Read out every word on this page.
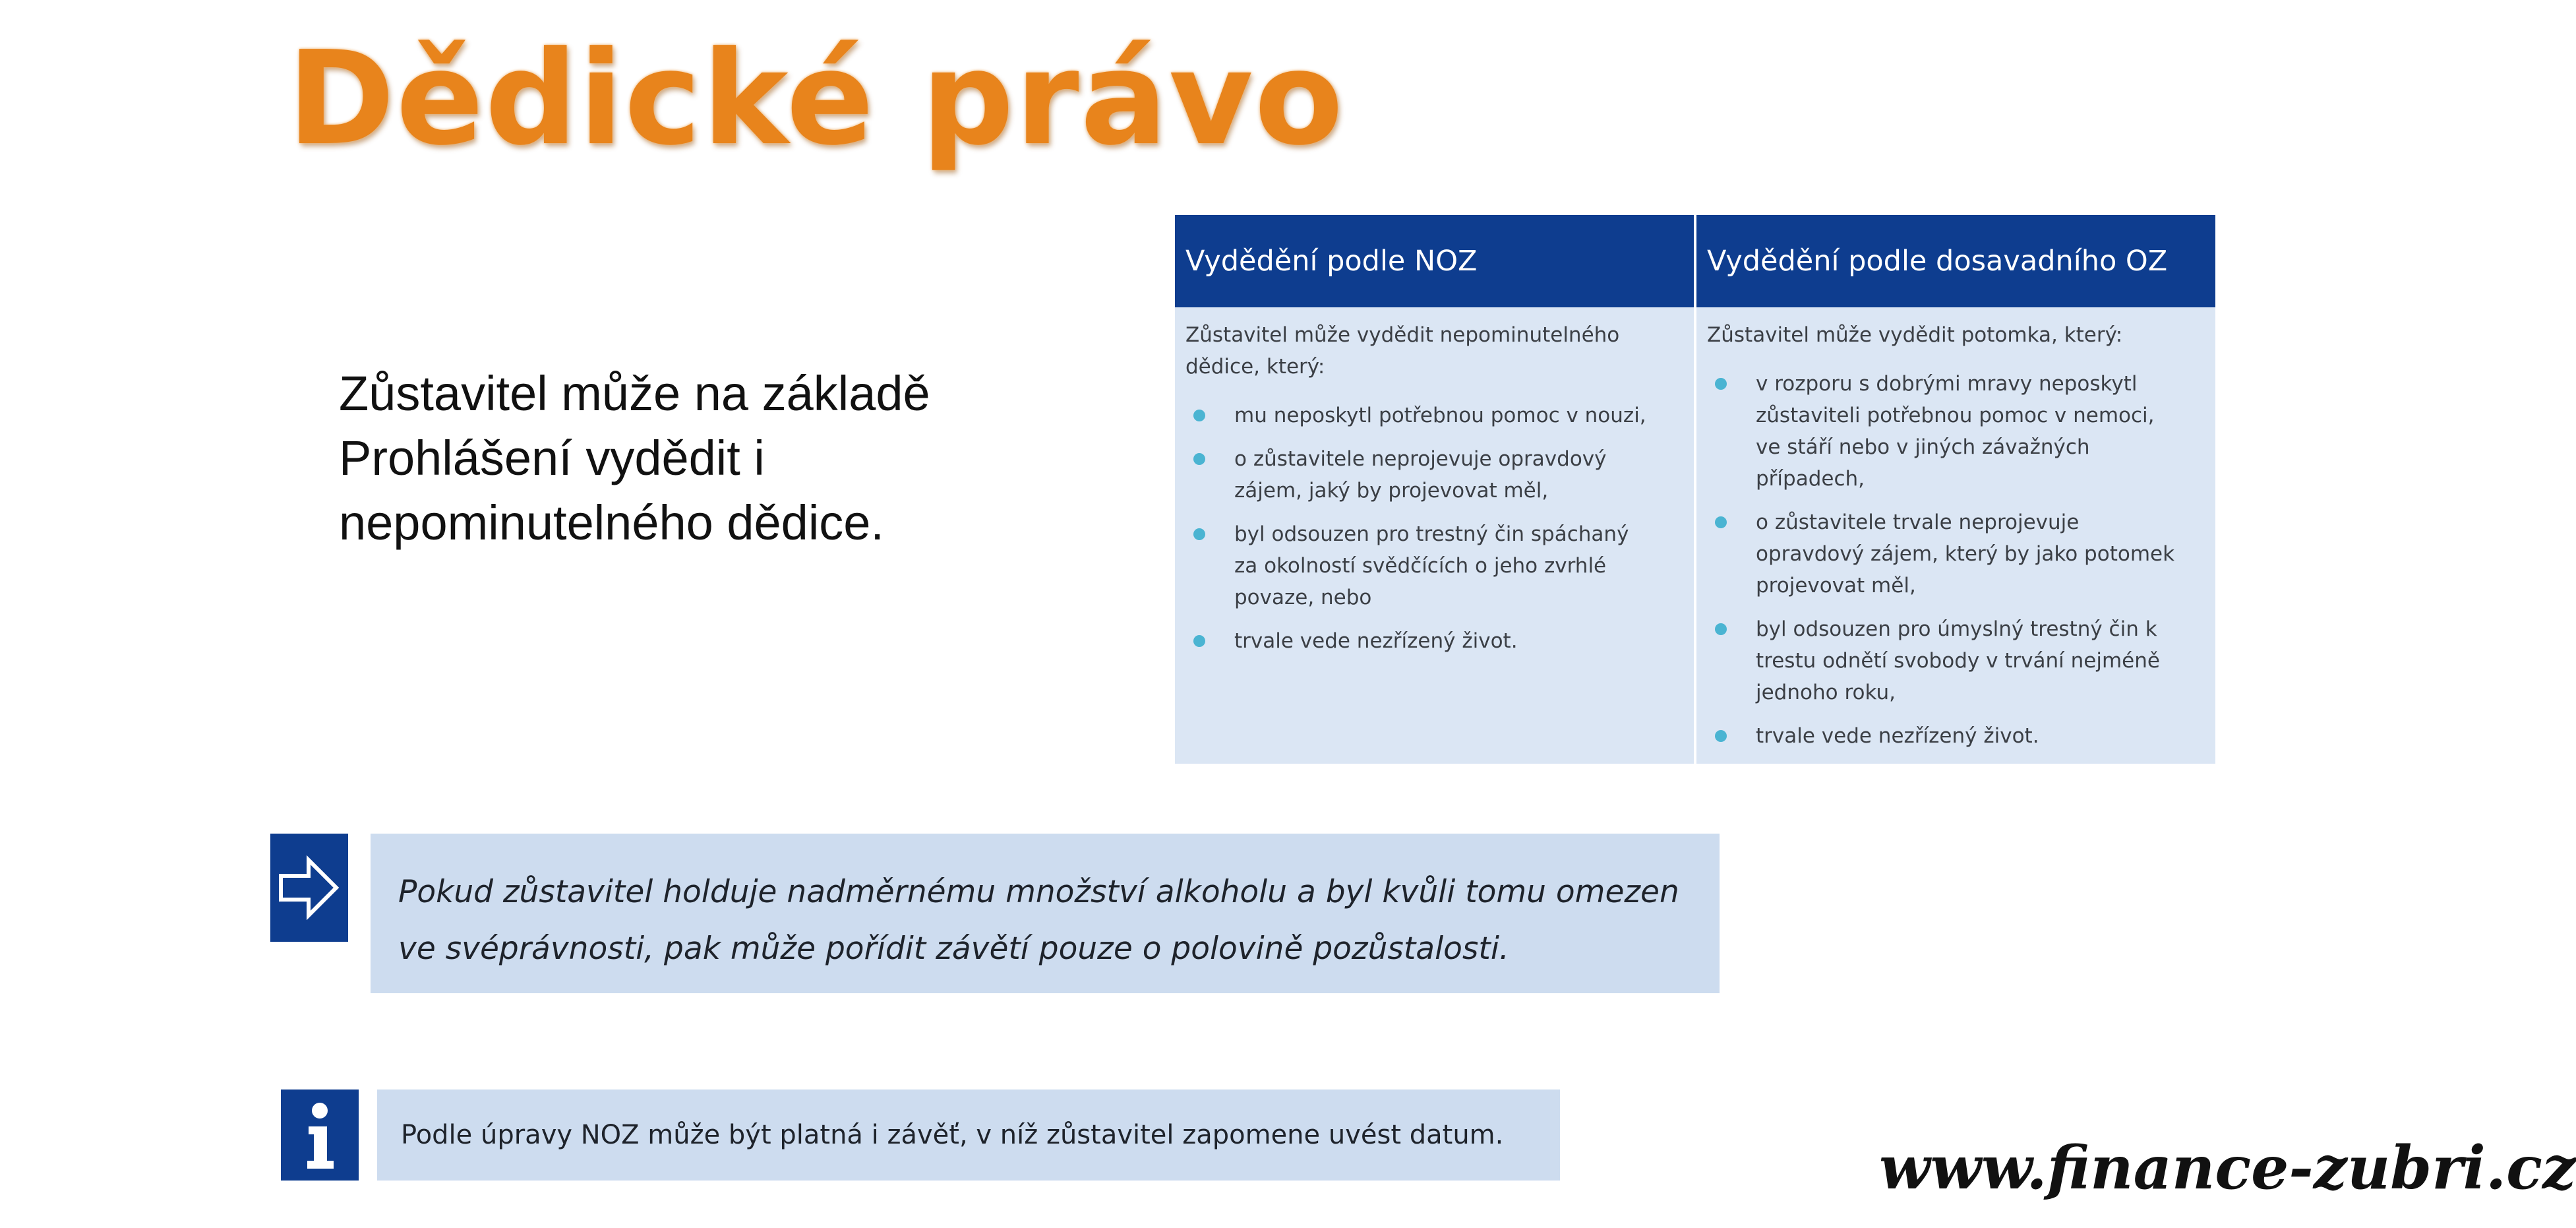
Dědické právo
Zůstavitel může na základě
Prohlášení vydědit i
nepominutelného dědice.
Vydědění podle NOZ

Zůstavitel může vydědit nepominutelného dědice, který:

mu neposkytl potřebnou pomoc v nouzi,
o zůstavitele neprojevuje opravdový zájem, jaký by projevovat měl,
byl odsouzen pro trestný čin spáchaný za okolností svědčících o jeho zvrhlé povaze, nebo
trvale vede nezřízený život.
Vydědění podle dosavadního OZ

Zůstavitel může vydědit potomka, který:

v rozporu s dobrými mravy neposkytl zůstaviteli potřebnou pomoc v nemoci, ve stáří nebo v jiných závažných případech,
o zůstavitele trvale neprojevuje opravdový zájem, který by jako potomek projevovat měl,
byl odsouzen pro úmyslný trestný čin k trestu odnětí svobody v trvání nejméně jednoho roku,
trvale vede nezřízený život.
Pokud zůstavitel holduje nadměrnému množství alkoholu a byl kvůli tomu omezen
ve svéprávnosti, pak může pořídit závětí pouze o polovině pozůstalosti.
Podle úpravy NOZ může být platná i závěť, v níž zůstavitel zapomene uvést datum.	www.finance-zubri.cz
